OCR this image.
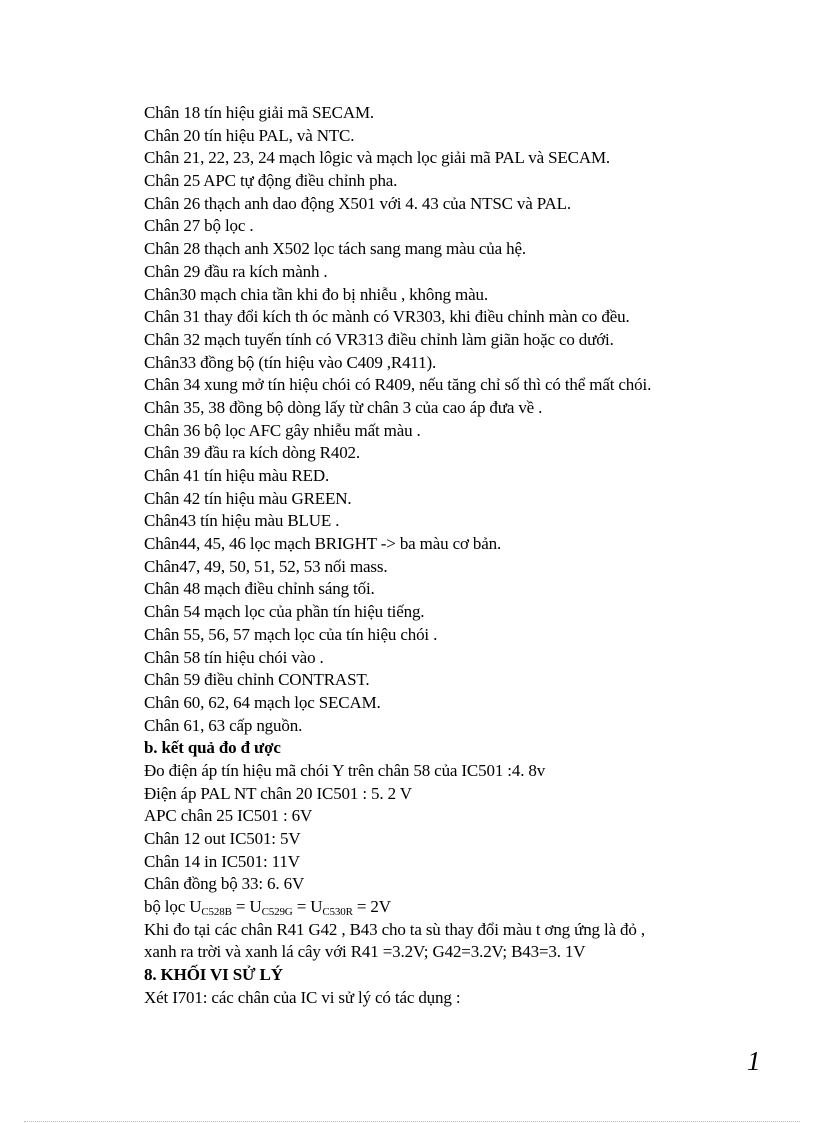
Chân 18 tín hiệu giải mã SECAM.
Chân 20 tín hiệu PAL, và NTC.
Chân 21, 22, 23, 24 mạch lôgic và mạch lọc giải mã PAL và SECAM.
Chân 25 APC tự động điều chỉnh pha.
Chân 26 thạch anh dao động X501 với 4. 43 của NTSC và PAL.
Chân 27 bộ lọc .
Chân 28 thạch anh X502 lọc tách sang mang màu của hệ.
Chân 29 đầu ra kích mành .
Chân30 mạch chia tần khi đo bị nhiễu , không màu.
Chân 31 thay đổi kích th óc mành có VR303, khi điều chỉnh màn co đều.
Chân 32 mạch tuyến tính có VR313 điều chỉnh làm giãn hoặc co dưới.
Chân33 đồng bộ (tín hiệu vào C409 ,R411).
Chân 34 xung mở tín hiệu chói có R409, nếu tăng chỉ số thì có thể mất chói.
Chân 35, 38 đồng bộ dòng lấy từ chân 3 của cao áp đưa về .
Chân 36 bộ lọc AFC gây nhiễu mất màu .
Chân 39 đầu ra kích dòng R402.
Chân 41 tín hiệu màu RED.
Chân 42 tín hiệu màu GREEN.
Chân43 tín hiệu màu BLUE .
Chân44, 45, 46 lọc mạch BRIGHT -> ba màu cơ bản.
Chân47, 49, 50, 51, 52, 53 nối mass.
Chân 48 mạch điều chỉnh sáng tối.
Chân 54 mạch lọc của phần tín hiệu tiếng.
Chân 55, 56, 57 mạch lọc của tín hiệu chói .
Chân 58 tín hiệu chói vào .
Chân 59 điều chỉnh CONTRAST.
Chân 60, 62, 64 mạch lọc SECAM.
Chân 61, 63 cấp nguồn.
b. kết quả đo đ ược
Đo điện áp tín hiệu mã chói Y trên chân 58 của IC501 :4. 8v
Điện áp PAL NT chân 20 IC501 : 5. 2 V
APC chân 25 IC501 : 6V
Chân 12 out IC501: 5V
Chân 14 in IC501: 11V
Chân đồng bộ 33: 6. 6V
bộ lọc $U_{C528B} = U_{C529G} = U_{C530R} = 2V$
Khi đo tại các chân R41 G42 , B43 cho ta sù thay đổi màu t ơng ứng là đỏ ,
xanh ra trời và xanh lá cây với R41 =3.2V; G42=3.2V; B43=3. 1V
8. KHỐI VI SỬ LÝ
Xét I701: các chân của IC vi sử lý có tác dụng :
1
